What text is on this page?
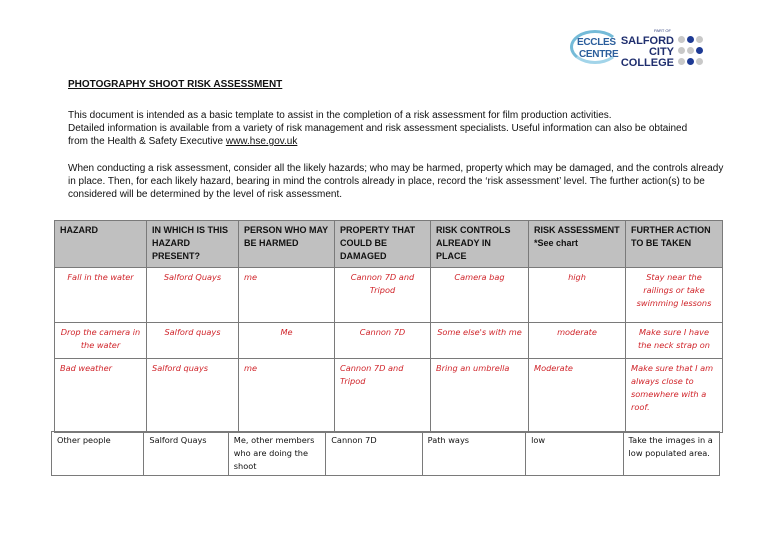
ECCLES
CENTRE
PART OF
SALFORD
CITY
COLLEGE
PHOTOGRAPHY SHOOT RISK ASSESSMENT
This document is intended as a basic template to assist in the completion of a risk assessment for film production activities.
Detailed information is available from a variety of risk management and risk assessment specialists. Useful information can also be obtained
from the Health & Safety Executive www.hse.gov.uk
When conducting a risk assessment, consider all the likely hazards; who may be harmed, property which may be damaged, and the controls already in place. Then, for each likely hazard, bearing in mind the controls already in place, record the ‘risk assessment’ level. The further action(s) to be considered will be determined by the level of risk assessment.
HAZARD	IN WHICH IS THIS HAZARD PRESENT?	PERSON WHO MAY BE HARMED	PROPERTY THAT COULD BE DAMAGED	RISK CONTROLS ALREADY IN PLACE	RISK ASSESSMENT *See chart	FURTHER ACTION TO BE TAKEN
Fall in the water	Salford Quays	me	Cannon 7D and Tripod	Camera bag	high	Stay near the railings or take swimming lessons
Drop the camera in the water	Salford quays	Me	Cannon 7D	Some else's with me	moderate	Make sure I have the neck strap on
Bad weather	Salford quays	me	Cannon 7D and Tripod	Bring an umbrella	Moderate	Make sure that I am always close to somewhere with a roof.
Other people	Salford Quays	Me, other members who are doing the shoot	Cannon 7D	Path ways	low	Take the images in a low populated area.
